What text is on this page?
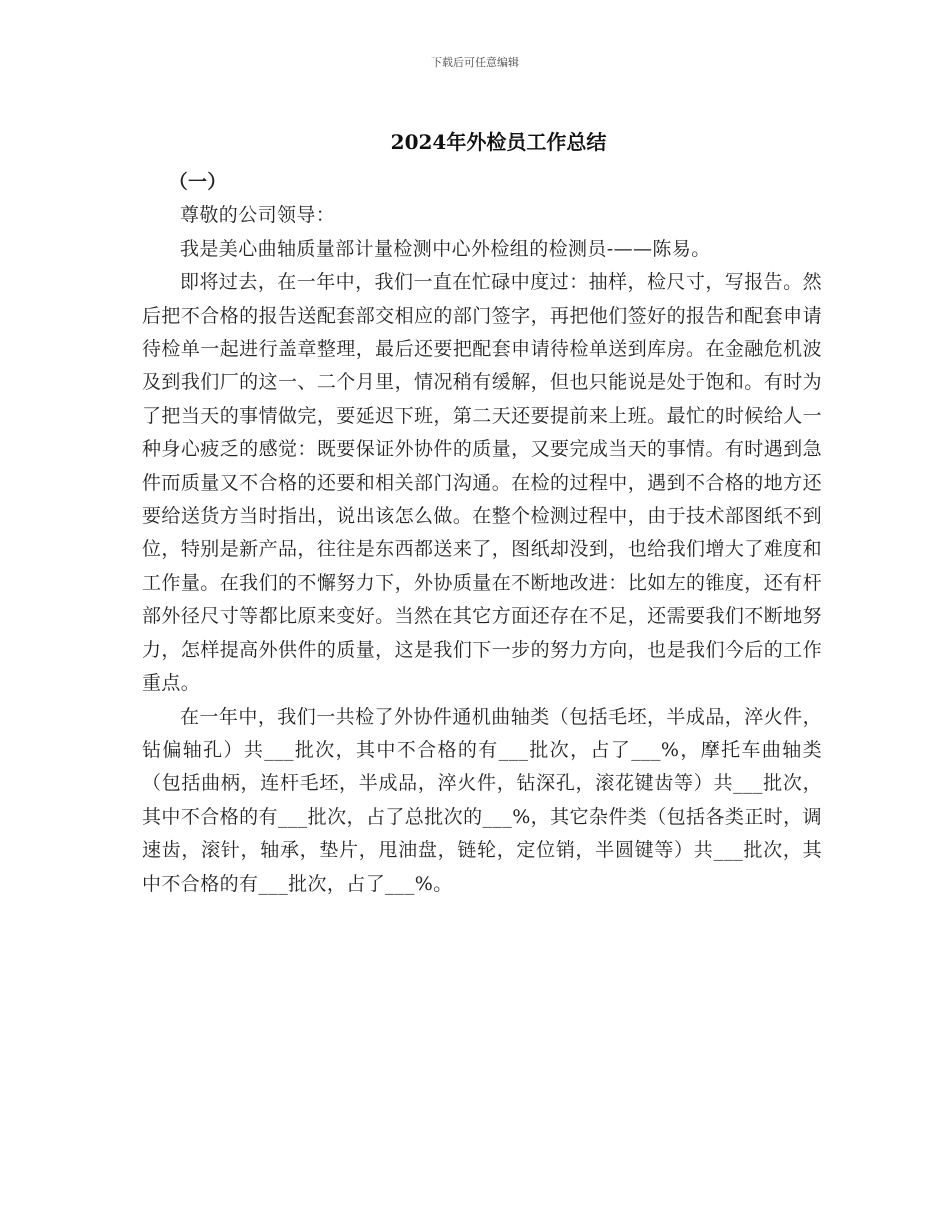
下载后可任意编辑
2024年外检员工作总结

（一）

尊敬的公司领导：

我是美心曲轴质量部计量检测中心外检组的检测员-——陈易。

即将过去，在一年中，我们一直在忙碌中度过：抽样，检尺寸，写报告。然后把不合格的报告送配套部交相应的部门签字，再把他们签好的报告和配套申请待检单一起进行盖章整理，最后还要把配套申请待检单送到库房。在金融危机波及到我们厂的这一、二个月里，情况稍有缓解，但也只能说是处于饱和。有时为了把当天的事情做完，要延迟下班，第二天还要提前来上班。最忙的时候给人一种身心疲乏的感觉：既要保证外协件的质量，又要完成当天的事情。有时遇到急件而质量又不合格的还要和相关部门沟通。在检的过程中，遇到不合格的地方还要给送货方当时指出，说出该怎么做。在整个检测过程中，由于技术部图纸不到位，特别是新产品，往往是东西都送来了，图纸却没到，也给我们增大了难度和工作量。在我们的不懈努力下，外协质量在不断地改进：比如左的锥度，还有杆部外径尺寸等都比原来变好。当然在其它方面还存在不足，还需要我们不断地努力，怎样提高外供件的质量，这是我们下一步的努力方向，也是我们今后的工作重点。

在一年中，我们一共检了外协件通机曲轴类（包括毛坯，半成品，淬火件，钻偏轴孔）共___批次，其中不合格的有___批次，占了___%，摩托车曲轴类（包括曲柄，连杆毛坯，半成品，淬火件，钻深孔，滚花键齿等）共___批次，其中不合格的有___批次，占了总批次的___%，其它杂件类（包括各类正时，调速齿，滚针，轴承，垫片，甩油盘，链轮，定位销，半圆键等）共___批次，其中不合格的有___批次，占了___%。
